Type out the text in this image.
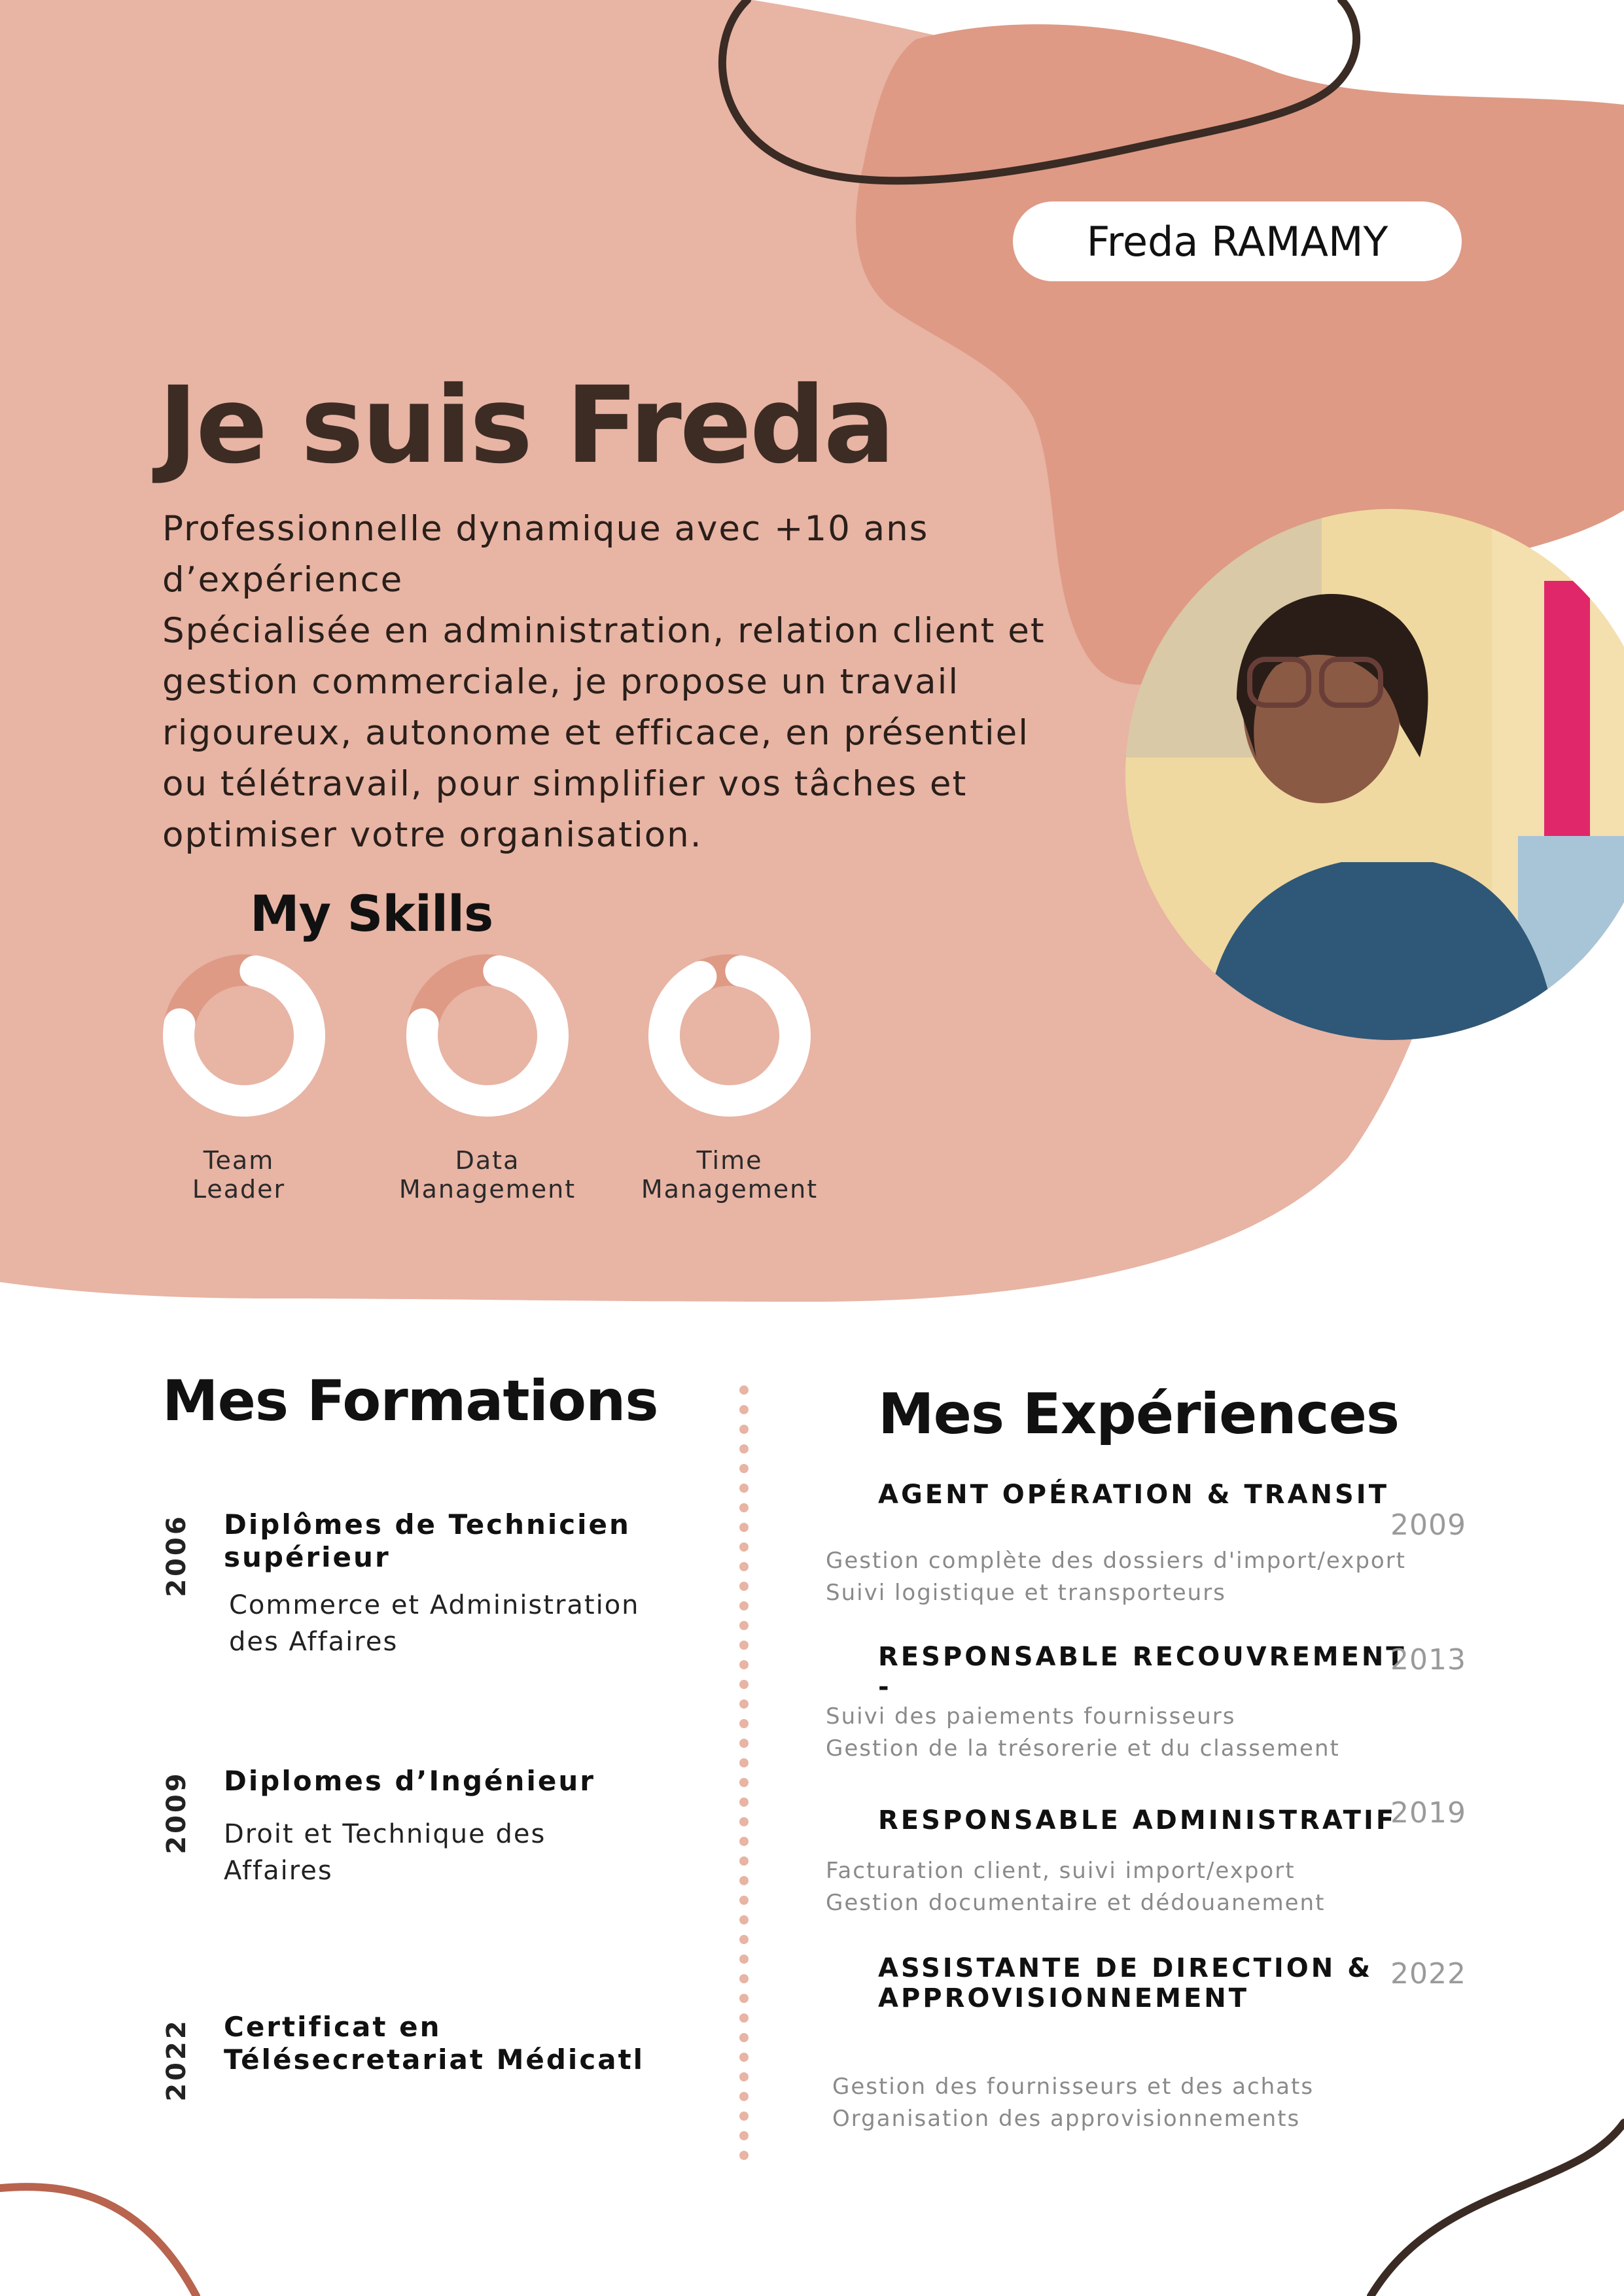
Freda RAMAMY
Je suis Freda

Professionnelle dynamique avec +10 ans d’expérience

Spécialisée en administration, relation client et gestion commerciale, je propose un travail rigoureux, autonome et efficace, en présentiel ou télétravail, pour simplifier vos tâches et optimiser votre organisation.

My Skills
Team
Leader
Data
Management
Time
Management
Mes Formations
2006 Diplômes de Technicien
supérieur
Commerce et Administration
des Affaires
2009 Diplomes d’Ingénieur
Droit et Technique des
Affaires
2022 Certificat en
Télésecretariat Médicatl
Mes Expériences
AGENT OPÉRATION & TRANSIT
2009
Gestion complète des dossiers d'import/export
Suivi logistique et transporteurs
RESPONSABLE RECOUVREMENT
-
2013
Suivi des paiements fournisseurs
Gestion de la trésorerie et du classement
RESPONSABLE ADMINISTRATIF
2019
Facturation client, suivi import/export
Gestion documentaire et dédouanement
ASSISTANTE DE DIRECTION &
APPROVISIONNEMENT
2022
Gestion des fournisseurs et des achats
Organisation des approvisionnements
